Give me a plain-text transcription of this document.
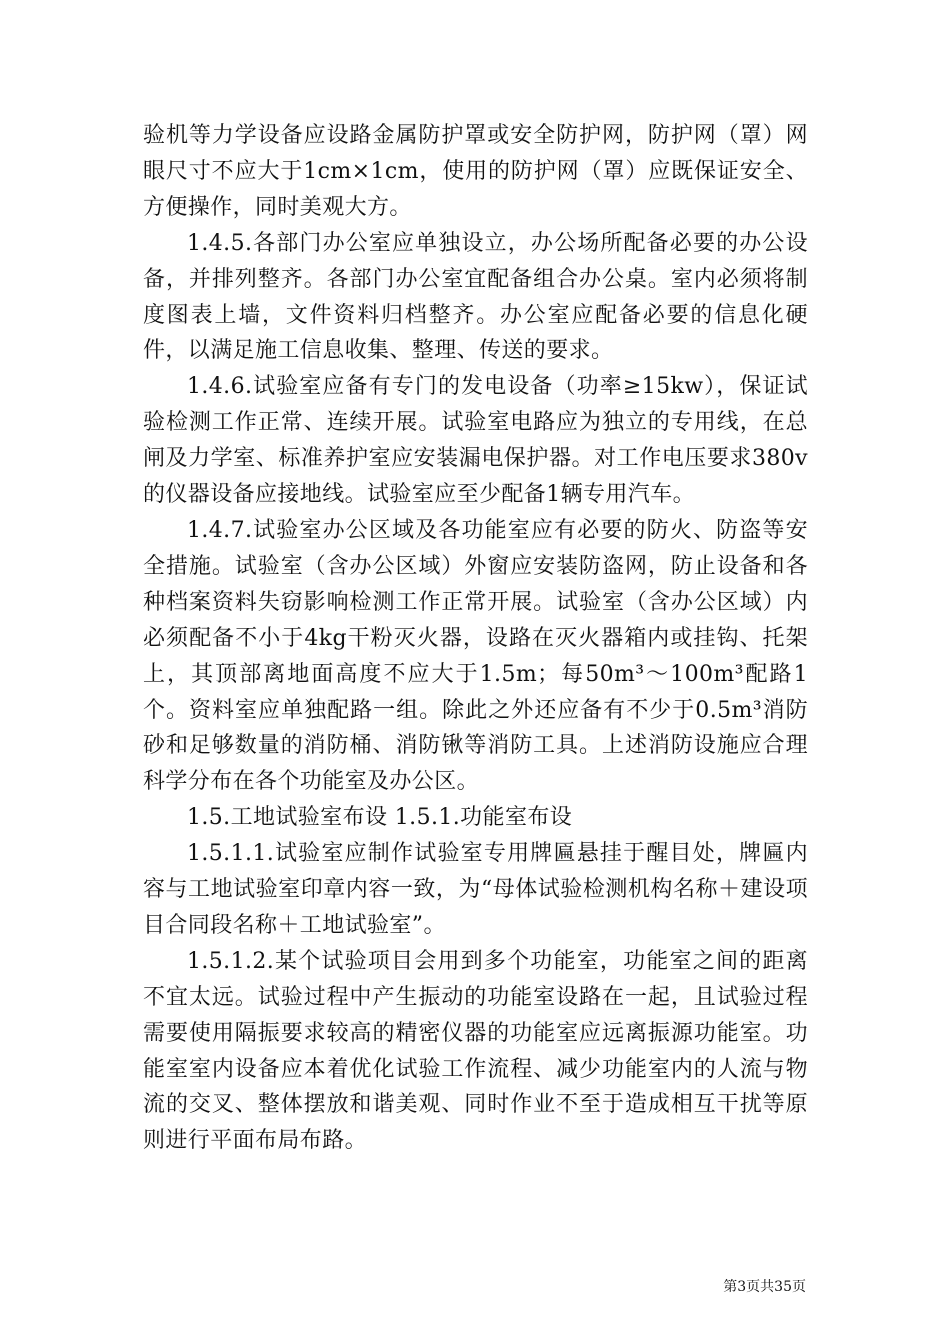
验机等力学设备应设路金属防护罩或安全防护网，防护网（罩）网眼尺寸不应大于1cm×1cm，使用的防护网（罩）应既保证安全、方便操作，同时美观大方。

1.4.5.各部门办公室应单独设立，办公场所配备必要的办公设备，并排列整齐。各部门办公室宜配备组合办公桌。室内必须将制度图表上墙，文件资料归档整齐。办公室应配备必要的信息化硬件，以满足施工信息收集、整理、传送的要求。

1.4.6.试验室应备有专门的发电设备（功率≥15kw），保证试验检测工作正常、连续开展。试验室电路应为独立的专用线，在总闸及力学室、标准养护室应安装漏电保护器。对工作电压要求380v的仪器设备应接地线。试验室应至少配备1辆专用汽车。

1.4.7.试验室办公区域及各功能室应有必要的防火、防盗等安全措施。试验室（含办公区域）外窗应安装防盗网，防止设备和各种档案资料失窃影响检测工作正常开展。试验室（含办公区域）内必须配备不小于4kg干粉灭火器，设路在灭火器箱内或挂钩、托架上，其顶部离地面高度不应大于1.5m；每50m³～100m³配路1个。资料室应单独配路一组。除此之外还应备有不少于0.5m³消防砂和足够数量的消防桶、消防锹等消防工具。上述消防设施应合理科学分布在各个功能室及办公区。

1.5.工地试验室布设 1.5.1.功能室布设

1.5.1.1.试验室应制作试验室专用牌匾悬挂于醒目处，牌匾内容与工地试验室印章内容一致，为“母体试验检测机构名称＋建设项目合同段名称＋工地试验室”。

1.5.1.2.某个试验项目会用到多个功能室，功能室之间的距离不宜太远。试验过程中产生振动的功能室设路在一起，且试验过程需要使用隔振要求较高的精密仪器的功能室应远离振源功能室。功能室室内设备应本着优化试验工作流程、减少功能室内的人流与物流的交叉、整体摆放和谐美观、同时作业不至于造成相互干扰等原则进行平面布局布路。

第3页共35页
